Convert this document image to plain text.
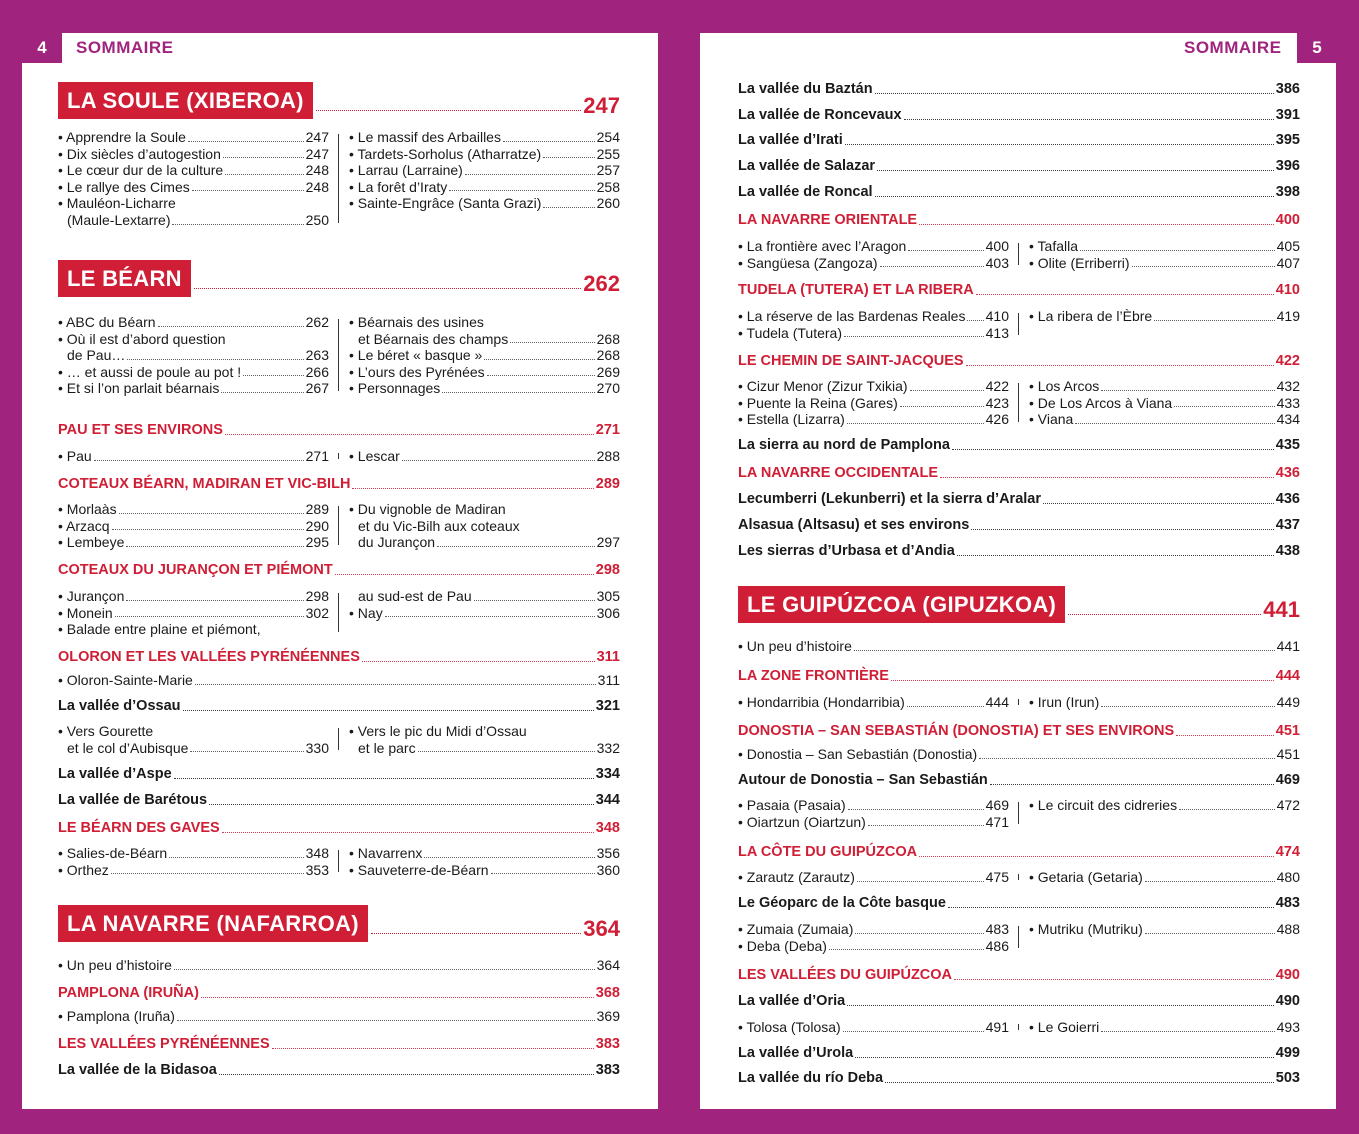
4	SOMMAIRE	SOMMAIRE	5
LA SOULE (XIBEROA)	247
• Apprendre la Soule	247
• Dix siècles d’autogestion	247
• Le cœur dur de la culture	248
• Le rallye des Cimes	248
• Mauléon-Licharre
(Maule-Lextarre)	250
• Le massif des Arbailles	254
• Tardets-Sorholus (Atharratze)	255
• Larrau (Larraine)	257
• La forêt d’Iraty	258
• Sainte-Engrâce (Santa Grazi)	260
LE BÉARN	262
• ABC du Béarn	262
• Où il est d’abord question
de Pau…	263
• … et aussi de poule au pot !	266
• Et si l’on parlait béarnais	267
• Béarnais des usines
et Béarnais des champs	268
• Le béret « basque »	268
• L’ours des Pyrénées	269
• Personnages	270
PAU ET SES ENVIRONS	271
• Pau	271 • Lescar	288
COTEAUX BÉARN, MADIRAN ET VIC-BILH	289
• Morlaàs	289
• Arzacq	290
• Lembeye	295
• Du vignoble de Madiran
et du Vic-Bilh aux coteaux
du Jurançon	297
COTEAUX DU JURANÇON ET PIÉMONT	298
• Jurançon	298
• Monein	302
• Balade entre plaine et piémont,
au sud-est de Pau	305
• Nay	306
OLORON ET LES VALLÉES PYRÉNÉENNES	311
• Oloron-Sainte-Marie	311
La vallée d’Ossau	321
• Vers Gourette
et le col d’Aubisque	330
• Vers le pic du Midi d’Ossau
et le parc	332
La vallée d’Aspe	334
La vallée de Barétous	344
LE BÉARN DES GAVES	348
• Salies-de-Béarn	348
• Orthez	353
• Navarrenx	356
• Sauveterre-de-Béarn	360
LA NAVARRE (NAFARROA)	364
• Un peu d’histoire	364
PAMPLONA (IRUÑA)	368
• Pamplona (Iruña)	369
LES VALLÉES PYRÉNÉENNES	383
La vallée de la Bidasoa	383
La vallée du Baztán	386
La vallée de Roncevaux	391
La vallée d’Irati	395
La vallée de Salazar	396
La vallée de Roncal	398
LA NAVARRE ORIENTALE	400
• La frontière avec l’Aragon	400
• Sangüesa (Zangoza)	403
• Tafalla	405
• Olite (Erriberri)	407
TUDELA (TUTERA) ET LA RIBERA	410
• La réserve de las Bardenas Reales 410
• Tudela (Tutera)	413
• La ribera de l’Èbre	419
LE CHEMIN DE SAINT-JACQUES	422
• Cizur Menor (Zizur Txikia)	422
• Puente la Reina (Gares)	423
• Estella (Lizarra)	426
• Los Arcos	432
• De Los Arcos à Viana	433
• Viana	434
La sierra au nord de Pamplona	435
LA NAVARRE OCCIDENTALE	436
Lecumberri (Lekunberri) et la sierra d’Aralar	436
Alsasua (Altsasu) et ses environs	437
Les sierras d’Urbasa et d’Andia	438
LE GUIPÚZCOA (GIPUZKOA)	441
• Un peu d’histoire	441
LA ZONE FRONTIÈRE	444
• Hondarribia (Hondarribia)	444 • Irun (Irun)	449
DONOSTIA – SAN SEBASTIÁN (DONOSTIA) ET SES ENVIRONS	451
• Donostia – San Sebastián (Donostia)	451
Autour de Donostia – San Sebastián	469
• Pasaia (Pasaia)	469
• Oiartzun (Oiartzun)	471
• Le circuit des cidreries	472
LA CÔTE DU GUIPÚZCOA	474
• Zarautz (Zarautz)	475 • Getaria (Getaria)	480
Le Géoparc de la Côte basque	483
• Zumaia (Zumaia)	483
• Deba (Deba)	486
• Mutriku (Mutriku)	488
LES VALLÉES DU GUIPÚZCOA	490
La vallée d’Oria	490
• Tolosa (Tolosa)	491 • Le Goierri	493
La vallée d’Urola	499
La vallée du río Deba	503
